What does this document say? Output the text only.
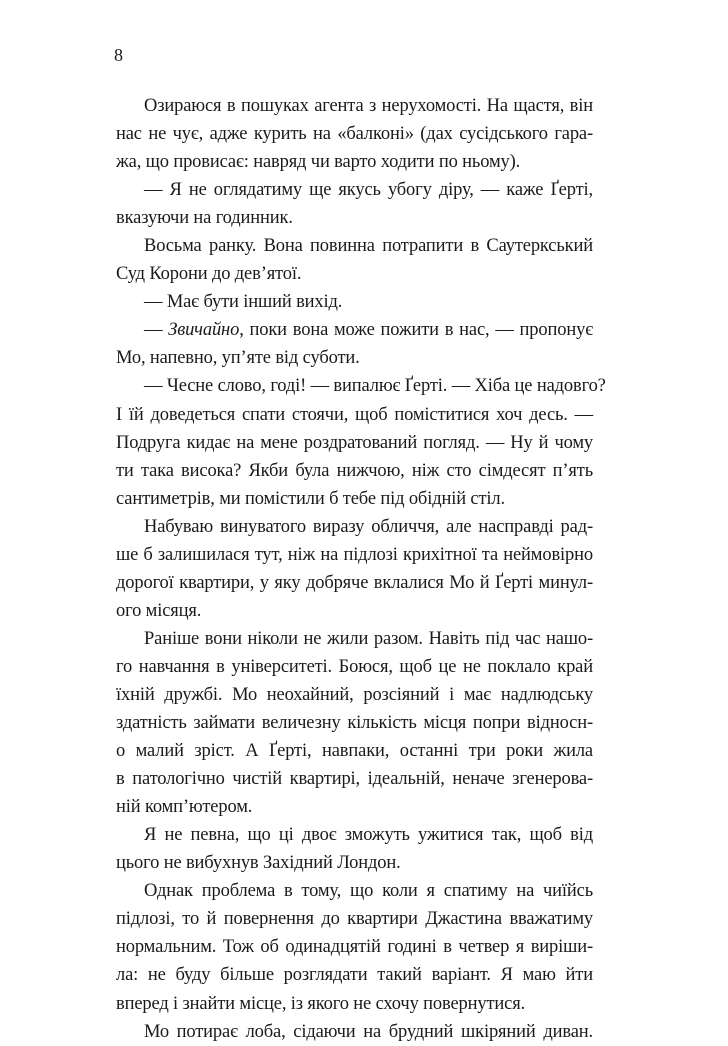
8
Озираюся в пошуках агента з нерухомості. На щастя, він
нас не чує, адже курить на «балконі» (дах сусідського гара-
жа, що провисає: навряд чи варто ходити по ньому).
— Я не оглядатиму ще якусь убогу діру, — каже Ґерті,
вказуючи на годинник.
Восьма ранку. Вона повинна потрапити в Саутеркський
Суд Корони до дев’ятої.
— Має бути інший вихід.
— Звичайно, поки вона може пожити в нас, — пропонує
Мо, напевно, уп’яте від суботи.
— Чесне слово, годі! — випалює Ґерті. — Хіба це надовго?
І їй доведеться спати стоячи, щоб поміститися хоч десь. —
Подруга кидає на мене роздратований погляд. — Ну й чому
ти така висока? Якби була нижчою, ніж сто сімдесят п’ять
сантиметрів, ми помістили б тебе під обідній стіл.
Набуваю винуватого виразу обличчя, але насправді рад-
ше б залишилася тут, ніж на підлозі крихітної та неймовірно
дорогої квартири, у яку добряче вклалися Мо й Ґерті минул-
ого місяця.
Раніше вони ніколи не жили разом. Навіть під час нашо-
го навчання в університеті. Боюся, щоб це не поклало край
їхній дружбі. Мо неохайний, розсіяний і має надлюдську
здатність займати величезну кількість місця попри відносн-
о малий зріст. А Ґерті, навпаки, останні три роки жила
в патологічно чистій квартирі, ідеальній, неначе згенерова-
ній комп’ютером.
Я не певна, що ці двоє зможуть ужитися так, щоб від
цього не вибухнув Західний Лондон.
Однак проблема в тому, що коли я спатиму на чиїйсь
підлозі, то й повернення до квартири Джастина вважатиму
нормальним. Тож об одинадцятій годині в четвер я виріши-
ла: не буду більше розглядати такий варіант. Я маю йти
вперед і знайти місце, із якого не схочу повернутися.
Мо потирає лоба, сідаючи на брудний шкіряний диван.
